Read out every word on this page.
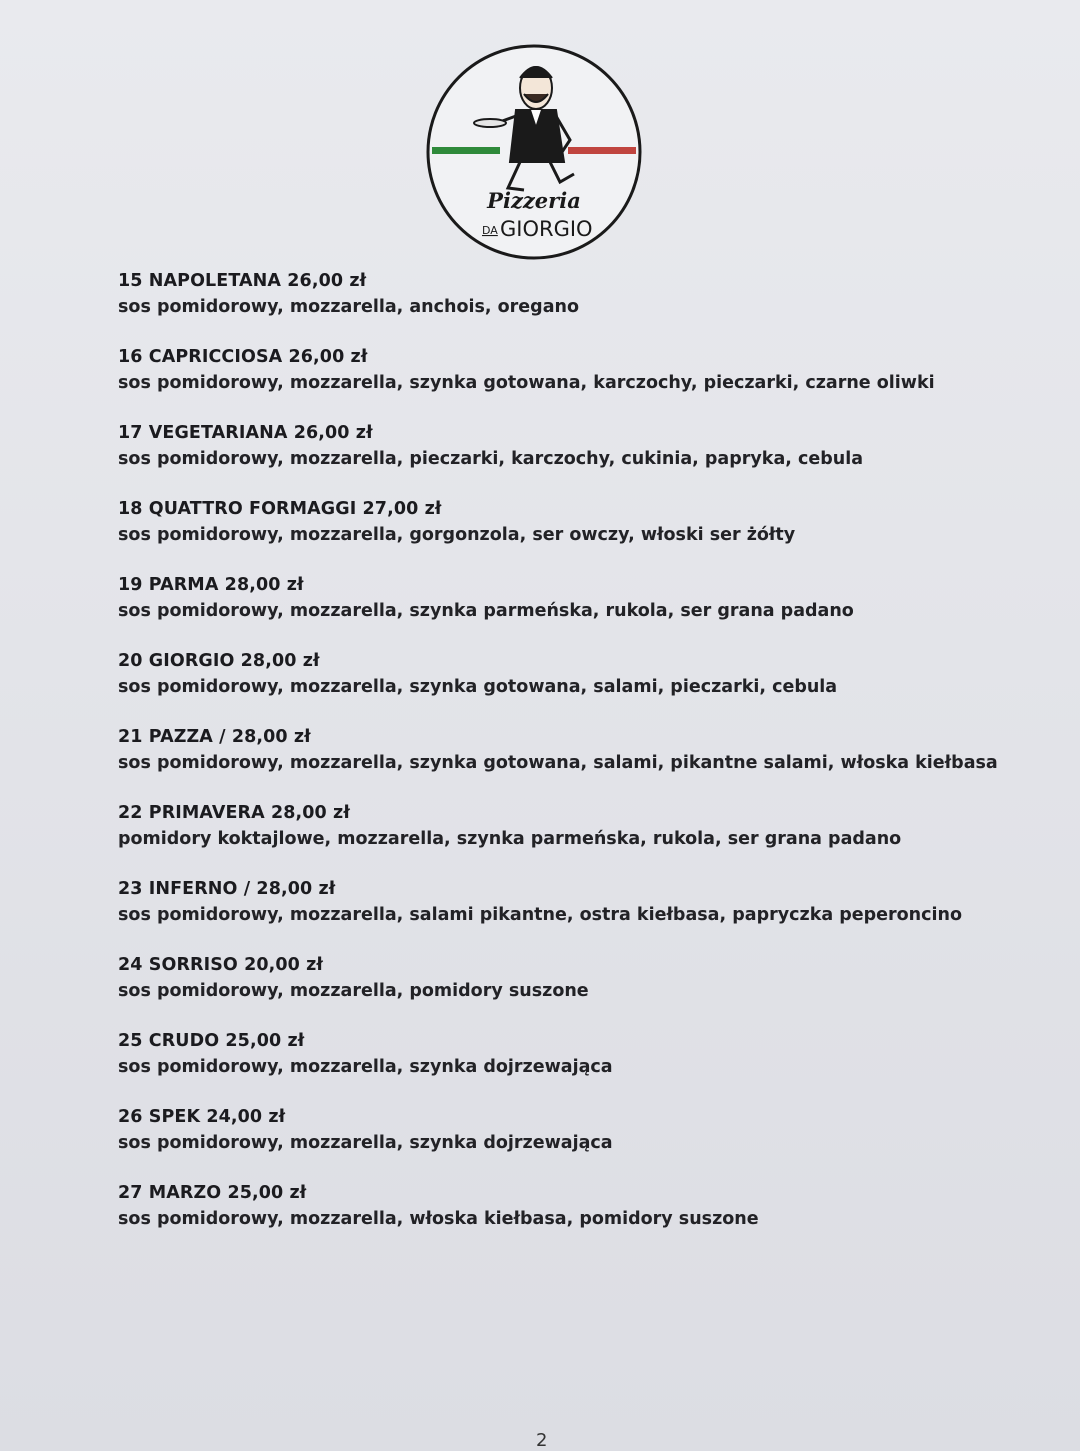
Pizzeria
DA GIORGIO
15 NAPOLETANA 26,00 zł
sos pomidorowy, mozzarella, anchois, oregano
16 CAPRICCIOSA 26,00 zł
sos pomidorowy, mozzarella, szynka gotowana, karczochy, pieczarki, czarne oliwki
17 VEGETARIANA 26,00 zł
sos pomidorowy, mozzarella, pieczarki, karczochy, cukinia, papryka, cebula
18 QUATTRO FORMAGGI 27,00 zł
sos pomidorowy, mozzarella, gorgonzola, ser owczy, włoski ser żółty
19 PARMA 28,00 zł
sos pomidorowy, mozzarella, szynka parmeńska, rukola, ser grana padano
20 GIORGIO 28,00 zł
sos pomidorowy, mozzarella, szynka gotowana, salami, pieczarki, cebula
21 PAZZA / 28,00 zł
sos pomidorowy, mozzarella, szynka gotowana, salami, pikantne salami, włoska kiełbasa
22 PRIMAVERA 28,00 zł
pomidory koktajlowe, mozzarella, szynka parmeńska, rukola, ser grana padano
23 INFERNO / 28,00 zł
sos pomidorowy, mozzarella, salami pikantne, ostra kiełbasa, papryczka peperoncino
24 SORRISO 20,00 zł
sos pomidorowy, mozzarella, pomidory suszone
25 CRUDO 25,00 zł
sos pomidorowy, mozzarella, szynka dojrzewająca
26 SPEK 24,00 zł
sos pomidorowy, mozzarella, szynka dojrzewająca
27 MARZO 25,00 zł
sos pomidorowy, mozzarella, włoska kiełbasa, pomidory suszone
2
